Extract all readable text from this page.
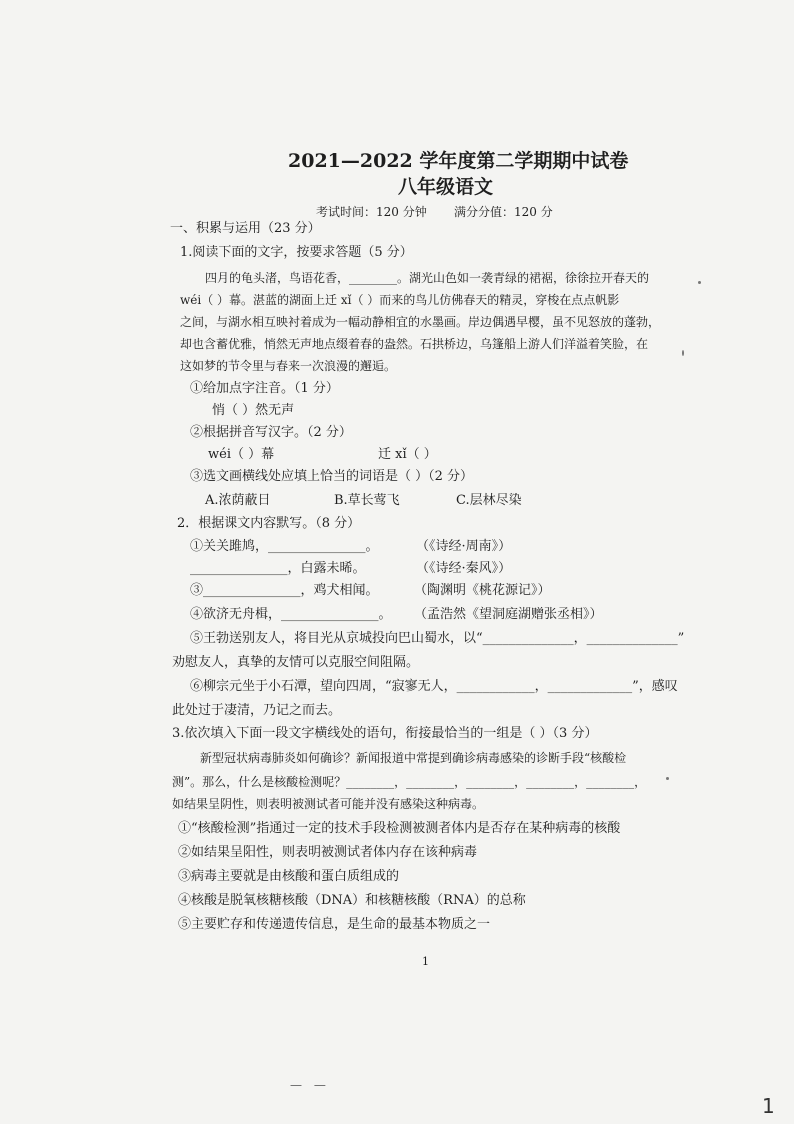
2021—2022 学年度第二学期期中试卷
八年级语文
考试时间：120 分钟 满分分值：120 分
一、积累与运用（23 分）
1.阅读下面的文字，按要求答题（5 分）
四月的龟头渚，鸟语花香，________。湖光山色如一袭青绿的裙裾，徐徐拉开春天的
wéi（ ）幕。湛蓝的湖面上迁 xǐ（ ）而来的鸟儿仿佛春天的精灵，穿梭在点点帆影
之间，与湖水相互映衬着成为一幅动静相宜的水墨画。岸边偶遇早樱，虽不见怒放的蓬勃，
却也含蓄优雅，悄然无声地点缀着春的盎然。石拱桥边，乌篷船上游人们洋溢着笑脸，在
这如梦的节令里与春来一次浪漫的邂逅。
①给加点字注音。（1 分）
悄（ ）然无声
②根据拼音写汉字。（2 分）
wéi（ ）幕	迁 xǐ（ ）
③选文画横线处应填上恰当的词语是（ ）（2 分）
A.浓荫蔽日	B.草长莺飞	C.层林尽染
2．根据课文内容默写。（8 分）
①关关雎鸠，_______________。	（《诗经·周南》）
_______________，白露未晞。	（《诗经·秦风》）
③_______________，鸡犬相闻。	（陶渊明《桃花源记》）
④欲济无舟楫，_______________。 （孟浩然《望洞庭湖赠张丞相》）
⑤王勃送别友人，将目光从京城投向巴山蜀水，以“______________，______________”
劝慰友人，真挚的友情可以克服空间阻隔。
⑥柳宗元坐于小石潭，望向四周，“寂寥无人，____________，_____________”，感叹
此处过于凄清，乃记之而去。
3.依次填入下面一段文字横线处的语句，衔接最恰当的一组是（ ）（3 分）
新型冠状病毒肺炎如何确诊？新闻报道中常提到确诊病毒感染的诊断手段“核酸检
测”。那么，什么是核酸检测呢？________，________，________，________，________，
如结果呈阴性，则表明被测试者可能并没有感染这种病毒。
①“核酸检测”指通过一定的技术手段检测被测者体内是否存在某种病毒的核酸
②如结果呈阳性，则表明被测试者体内存在该种病毒
③病毒主要就是由核酸和蛋白质组成的
④核酸是脱氧核糖核酸（DNA）和核糖核酸（RNA）的总称
⑤主要贮存和传递遗传信息，是生命的最基本物质之一
1
— —
1
